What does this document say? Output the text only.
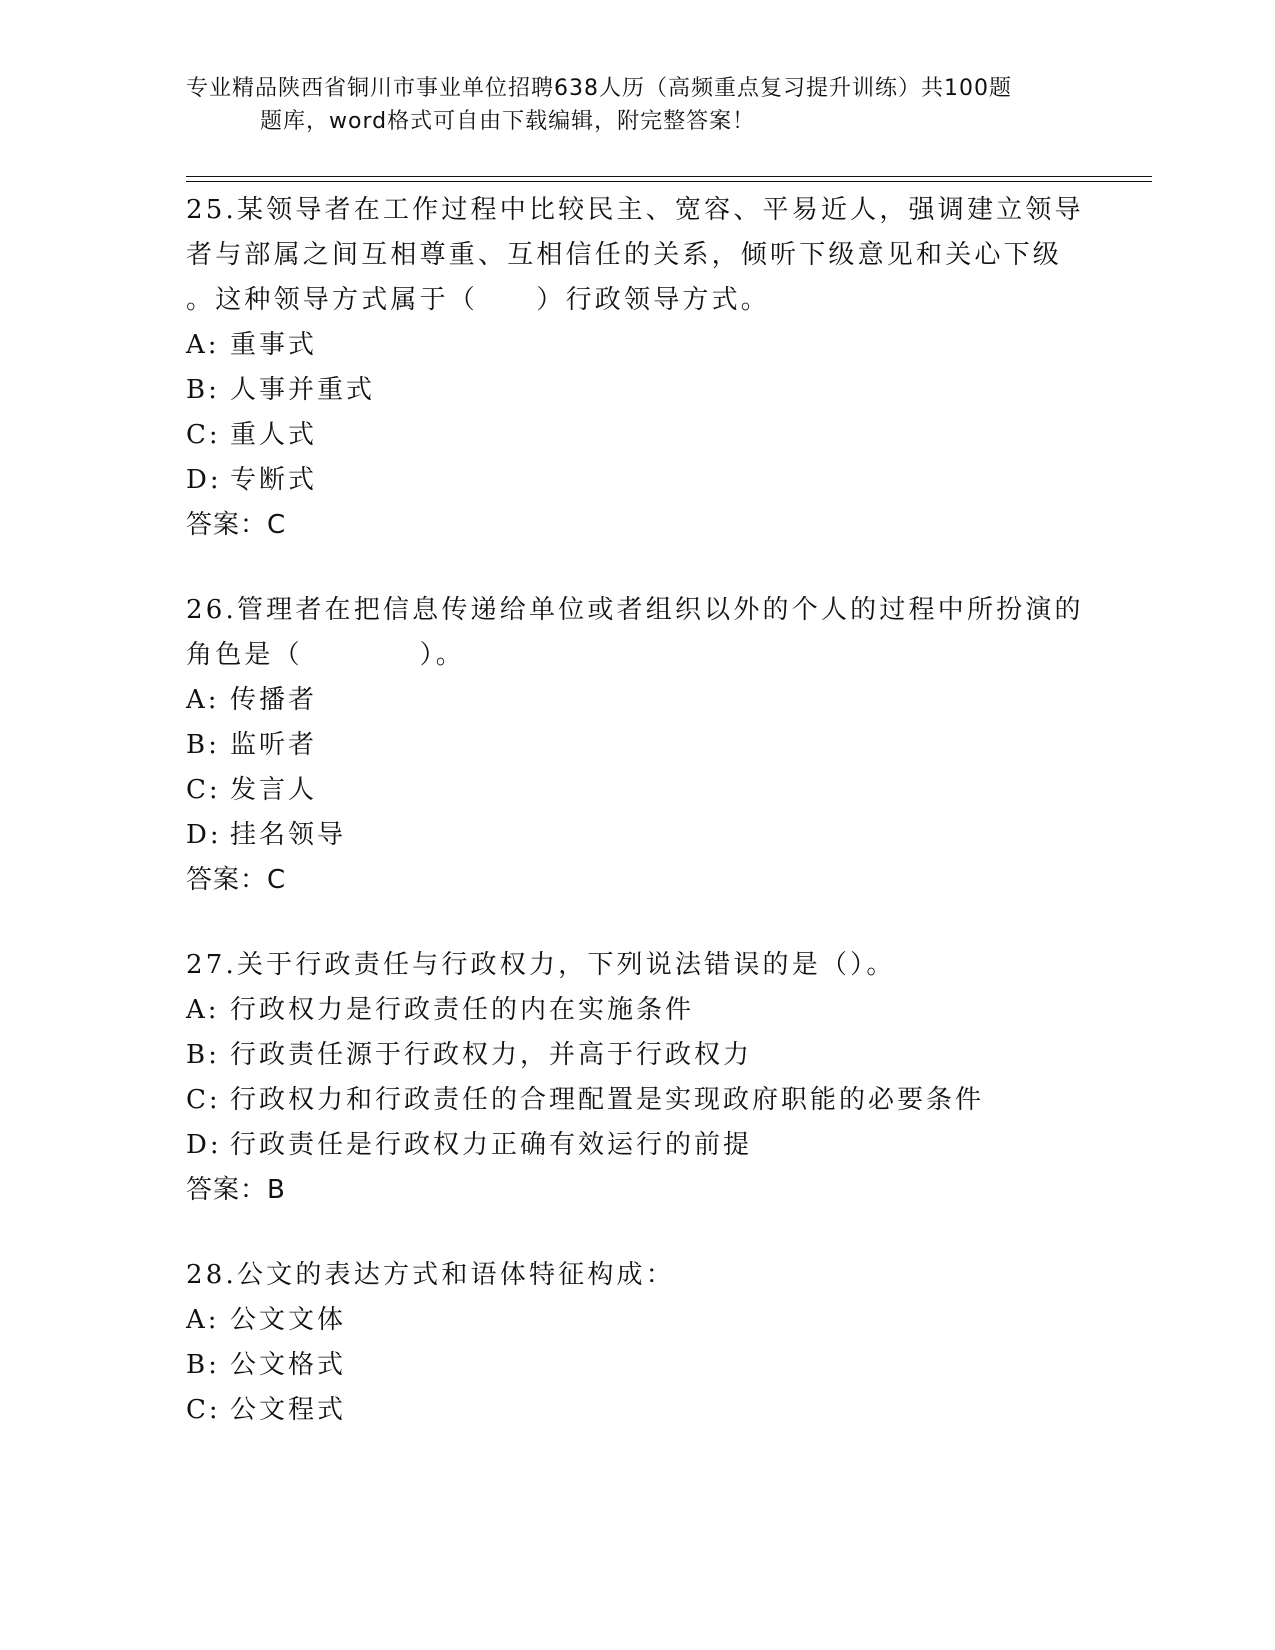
专业精品陕西省铜川市事业单位招聘638人历（高频重点复习提升训练）共100题
题库，word格式可自由下载编辑，附完整答案！
25.某领导者在工作过程中比较民主、宽容、平易近人，强调建立领导
者与部属之间互相尊重、互相信任的关系，倾听下级意见和关心下级
。这种领导方式属于（　　）行政领导方式。
A: 重事式
B: 人事并重式
C: 重人式
D: 专断式
答案：C
26.管理者在把信息传递给单位或者组织以外的个人的过程中所扮演的
角色是（　　　　）。
A: 传播者
B: 监听者
C: 发言人
D: 挂名领导
答案：C
27.关于行政责任与行政权力，下列说法错误的是（）。
A: 行政权力是行政责任的内在实施条件
B: 行政责任源于行政权力，并高于行政权力
C: 行政权力和行政责任的合理配置是实现政府职能的必要条件
D: 行政责任是行政权力正确有效运行的前提
答案：B
28.公文的表达方式和语体特征构成：
A: 公文文体
B: 公文格式
C: 公文程式
